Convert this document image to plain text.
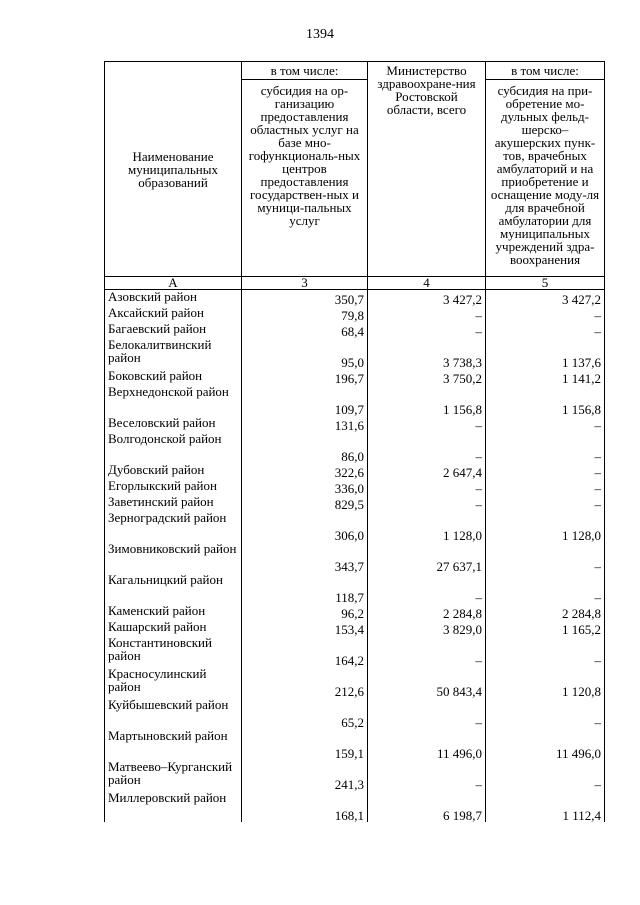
1394
Наименование муниципальных образований	в том числе:	Министерство здравоохране-ния Ростовской области, всего	в том числе:
	субсидия на ор-ганизацию предоставления областных услуг на базе мно-гофункциональ-ных центров предоставления государствен-ных и муници-пальных услуг		субсидия на при-обретение мо-дульных фельд-шерско–акушерских пунк-тов, врачебных амбулаторий и на приобретение и оснащение моду-ля для врачебной амбулатории для муниципальных учреждений здра-воохранения
А	3	4	5
Азовский район	350,7	3 427,2	3 427,2
Аксайский район	79,8	–	–
Багаевский район	68,4	–	–
Белокалитвинский район	95,0	3 738,3	1 137,6
Боковский район	196,7	3 750,2	1 141,2
Верхнедонской район	109,7	1 156,8	1 156,8
Веселовский район	131,6	–	–
Волгодонской район	86,0	–	–
Дубовский район	322,6	2 647,4	–
Егорлыкский район	336,0	–	–
Заветинский район	829,5	–	–
Зерноградский район	306,0	1 128,0	1 128,0
Зимовниковский район	343,7	27 637,1	–
Кагальницкий район	118,7	–	–
Каменский район	96,2	2 284,8	2 284,8
Кашарский район	153,4	3 829,0	1 165,2
Константиновский район	164,2	–	–
Красносулинский район	212,6	50 843,4	1 120,8
Куйбышевский район	65,2	–	–
Мартыновский район	159,1	11 496,0	11 496,0
Матвеево–Курганский район	241,3	–	–
Миллеровский район	168,1	6 198,7	1 112,4
